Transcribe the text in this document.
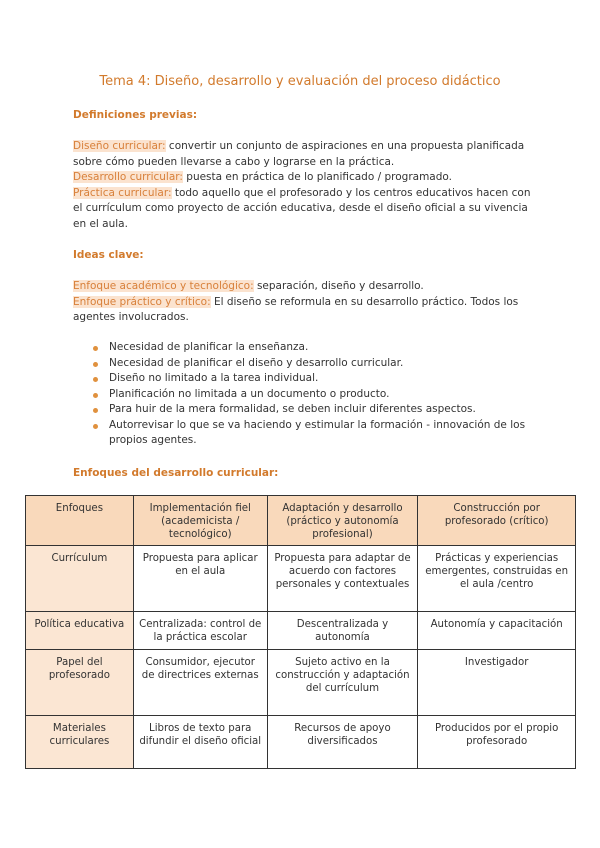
Tema 4: Diseño, desarrollo y evaluación del proceso didáctico
Definiciones previas:
Diseño curricular: convertir un conjunto de aspiraciones en una propuesta planificada sobre cómo pueden llevarse a cabo y lograrse en la práctica.
Desarrollo curricular: puesta en práctica de lo planificado / programado.
Práctica curricular: todo aquello que el profesorado y los centros educativos hacen con el currículum como proyecto de acción educativa, desde el diseño oficial a su vivencia en el aula.
Ideas clave:
Enfoque académico y tecnológico: separación, diseño y desarrollo.
Enfoque práctico y crítico: El diseño se reformula en su desarrollo práctico. Todos los agentes involucrados.
Necesidad de planificar la enseñanza.
Necesidad de planificar el diseño y desarrollo curricular.
Diseño no limitado a la tarea individual.
Planificación no limitada a un documento o producto.
Para huir de la mera formalidad, se deben incluir diferentes aspectos.
Autorrevisar lo que se va haciendo y estimular la formación - innovación de los propios agentes.
Enfoques del desarrollo curricular:
Enfoques	Implementación fiel (academicista / tecnológico)	Adaptación y desarrollo (práctico y autonomía profesional)	Construcción por profesorado (crítico)
Currículum	Propuesta para aplicar en el aula	Propuesta para adaptar de acuerdo con factores personales y contextuales	Prácticas y experiencias emergentes, construidas en el aula /centro
Política educativa	Centralizada: control de la práctica escolar	Descentralizada y autonomía	Autonomía y capacitación
Papel del profesorado	Consumidor, ejecutor de directrices externas	Sujeto activo en la construcción y adaptación del currículum	Investigador
Materiales curriculares	Libros de texto para difundir el diseño oficial	Recursos de apoyo diversificados	Producidos por el propio profesorado
